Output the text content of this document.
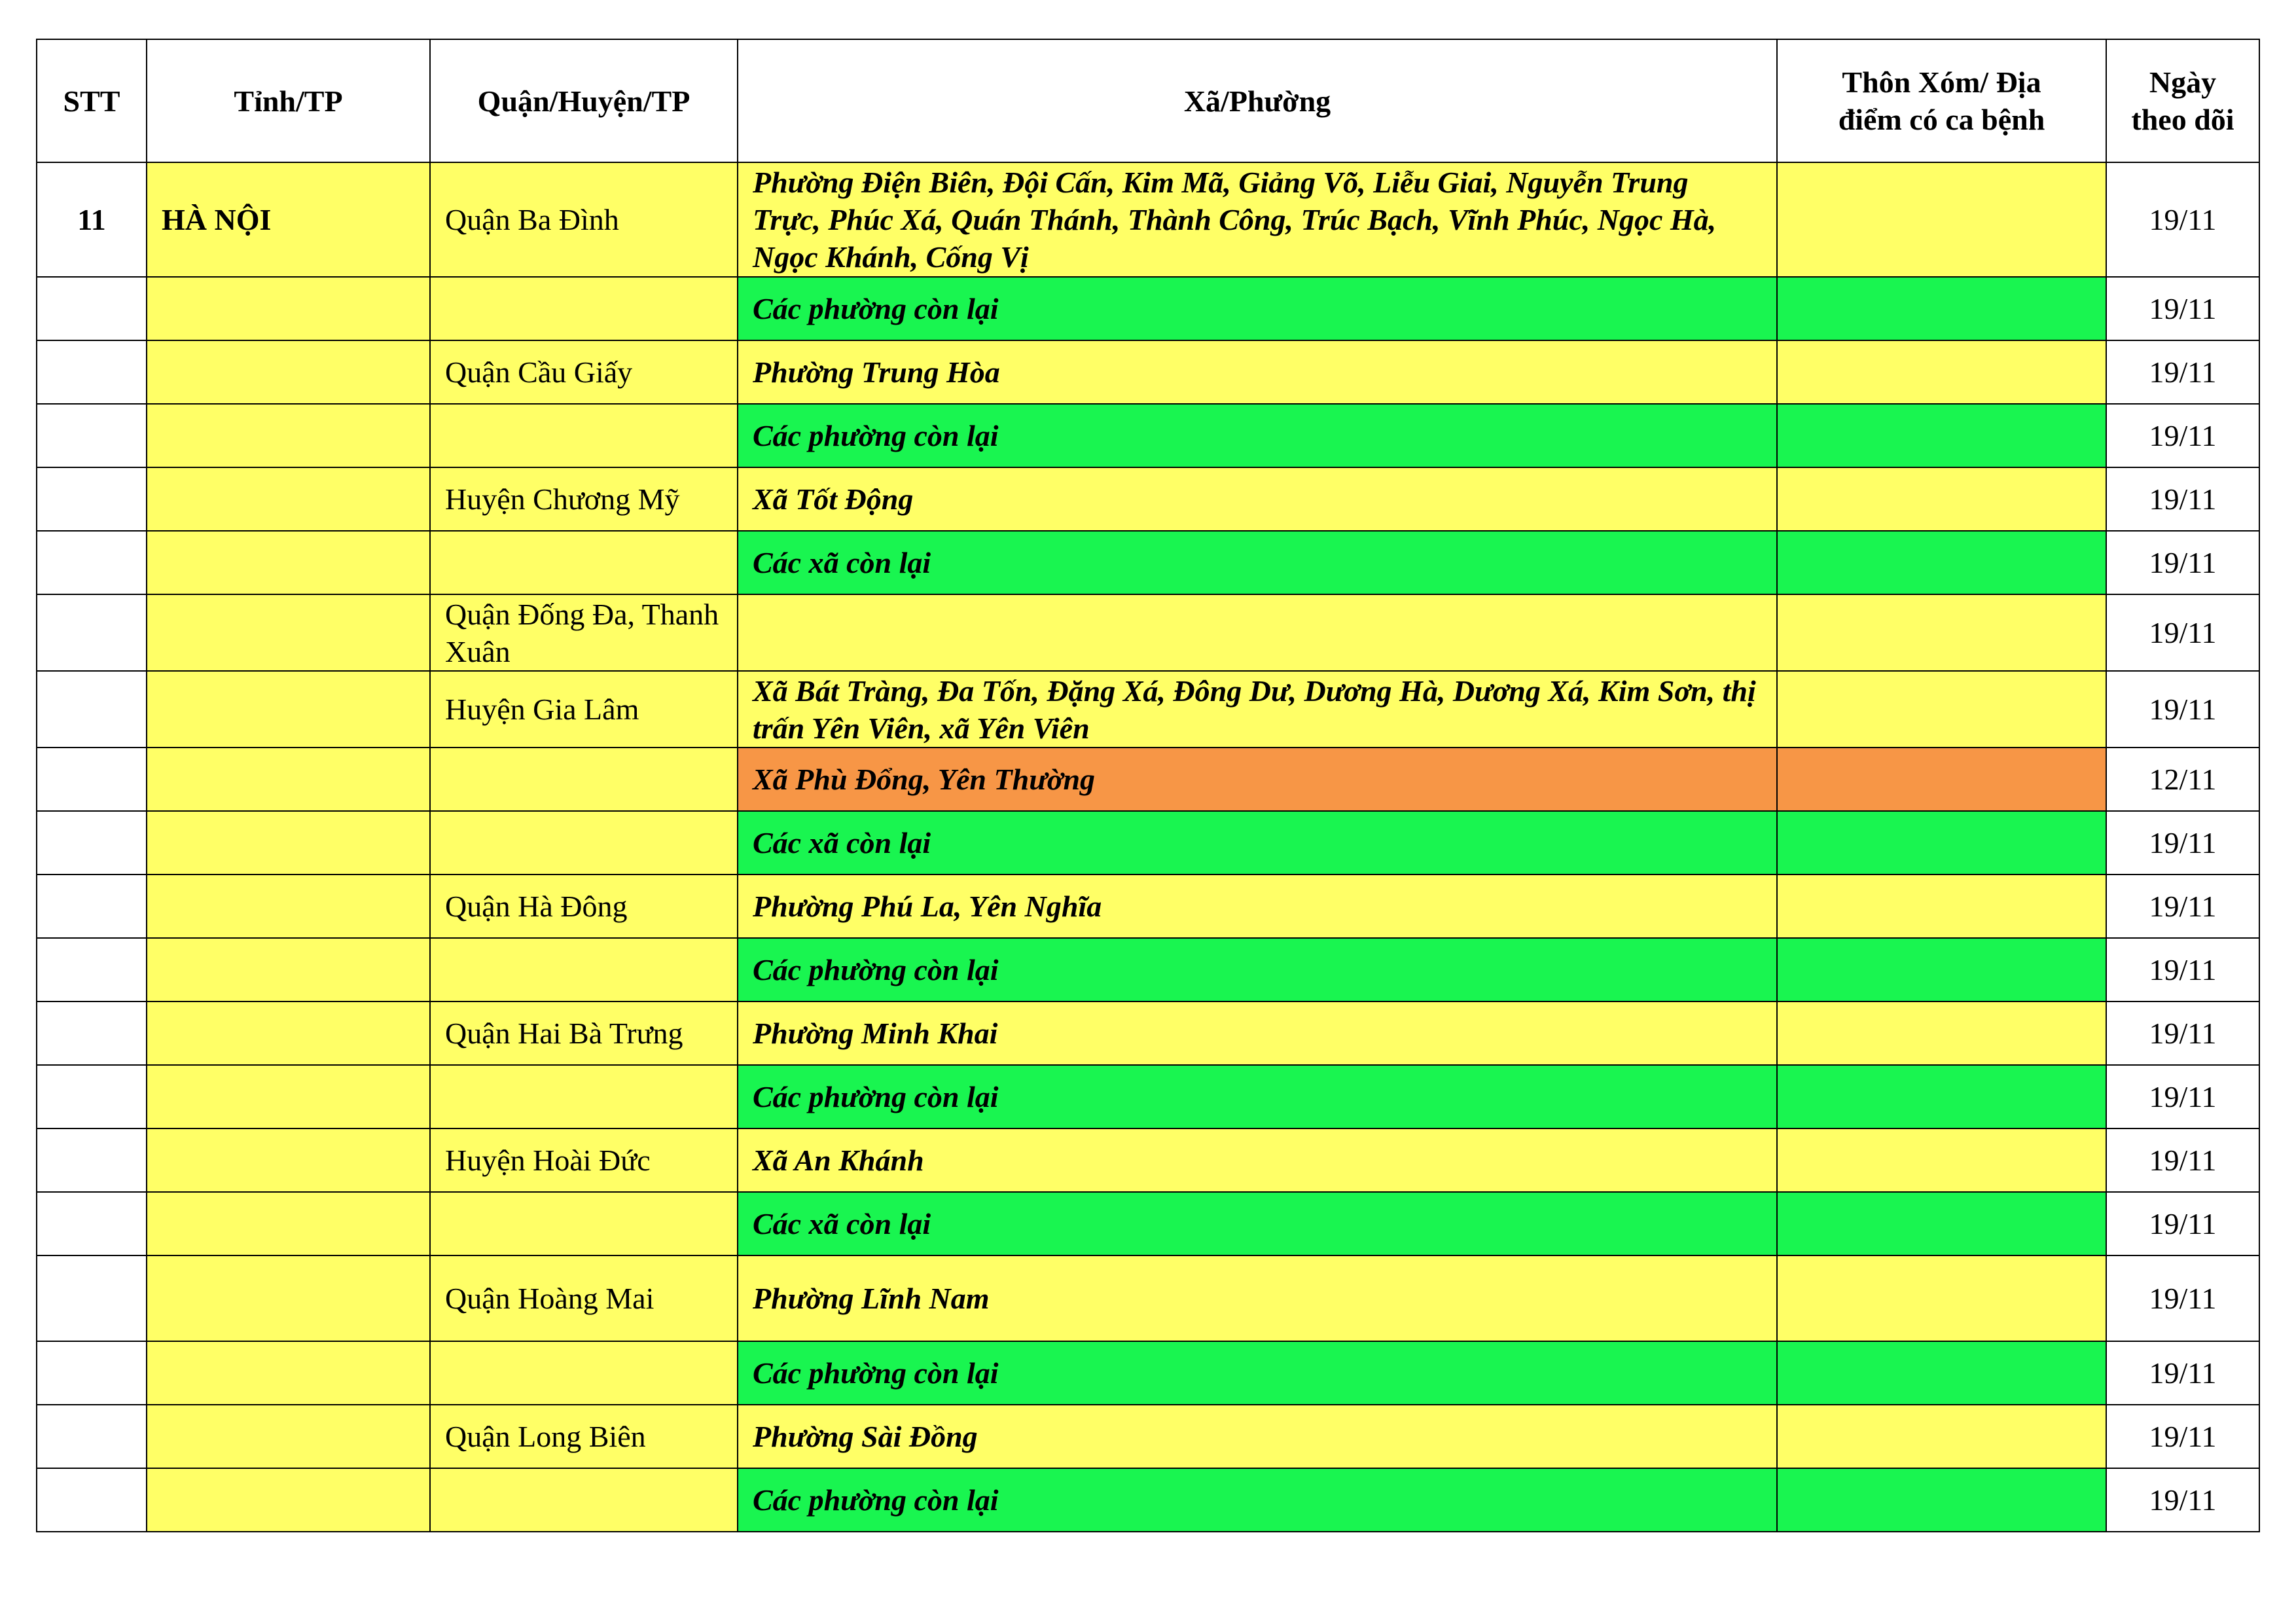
STT	Tỉnh/TP	Quận/Huyện/TP	Xã/Phường	Thôn Xóm/ Địa điểm có ca bệnh	Ngày theo dõi
11	HÀ NỘI	Quận Ba Đình	Phường Điện Biên, Đội Cấn, Kim Mã, Giảng Võ, Liễu Giai, Nguyễn Trung Trực, Phúc Xá, Quán Thánh, Thành Công, Trúc Bạch, Vĩnh Phúc, Ngọc Hà, Ngọc Khánh, Cống Vị		19/11
			Các phường còn lại		19/11
		Quận Cầu Giấy	Phường Trung Hòa		19/11
			Các phường còn lại		19/11
		Huyện Chương Mỹ	Xã Tốt Động		19/11
			Các xã còn lại		19/11
		Quận Đống Đa, Thanh Xuân			19/11
		Huyện Gia Lâm	Xã Bát Tràng, Đa Tốn, Đặng Xá, Đông Dư, Dương Hà, Dương Xá, Kim Sơn, thị trấn Yên Viên, xã Yên Viên		19/11
			Xã Phù Đổng, Yên Thường		12/11
			Các xã còn lại		19/11
		Quận Hà Đông	Phường Phú La, Yên Nghĩa		19/11
			Các phường còn lại		19/11
		Quận Hai Bà Trưng	Phường Minh Khai		19/11
			Các phường còn lại		19/11
		Huyện Hoài Đức	Xã An Khánh		19/11
			Các xã còn lại		19/11
		Quận Hoàng Mai	Phường Lĩnh Nam		19/11
			Các phường còn lại		19/11
		Quận Long Biên	Phường Sài Đồng		19/11
			Các phường còn lại		19/11
